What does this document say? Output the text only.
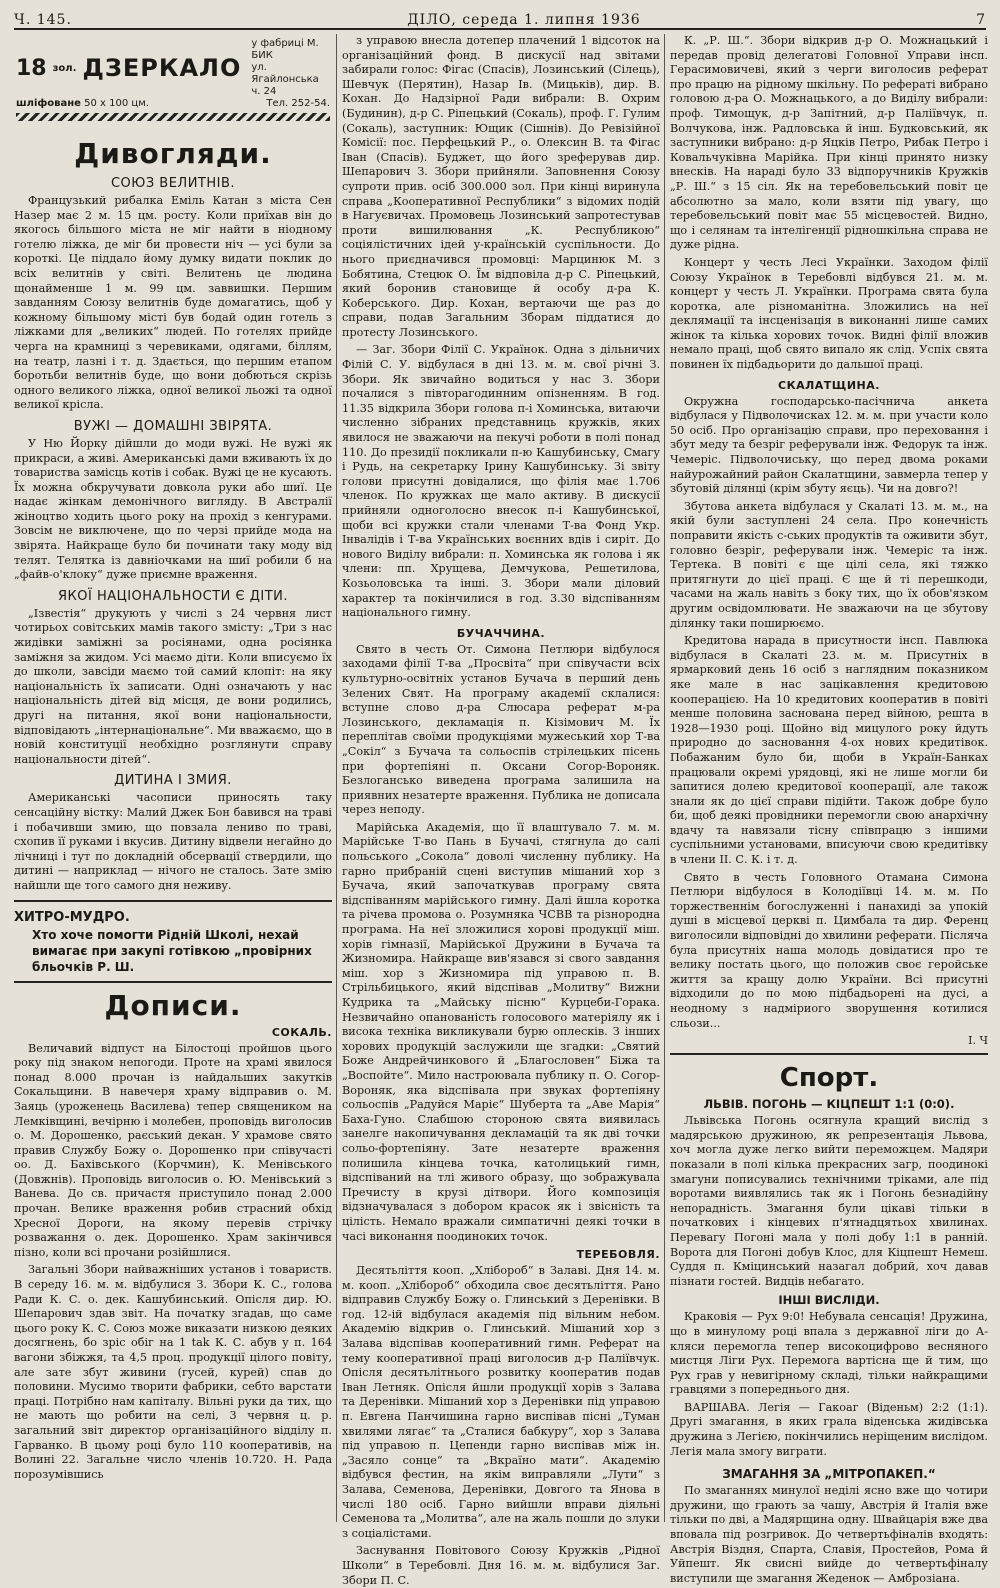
Ч. 145.	ДІЛО, середа 1. липня 1936	7
18 зол. ДЗЕРКАЛО
у фабриці М. БИК
ул. Ягайлонська ч. 24
шліфоване 50 x 100 цм.	Тел. 252-54.
Дивогляди.
СОЮЗ ВЕЛИТНІВ.

Французький рибалка Еміль Катан з міста Сен Назер має 2 м. 15 цм. росту. Коли приїхав він до якогось більшого міста не міг найти в ніодному готелю ліжка, де міг би провести ніч — усі були за короткі. Це піддало йому думку видати поклик до всіх велитнів у світі. Велитень це людина щонайменше 1 м. 99 цм. заввишки. Першим завданням Союзу велитнів буде домагатись, щоб у кожному більшому місті був бодай один готель з ліжками для „великих“ людей. По готелях прийде черга на крамниці з черевиками, одягами, біллям, на театр, лазні і т. д. Здається, що першим етапом боротьби велитнів буде, що вони добються скрізь одного великого ліжка, одної великої льожі та одної великої крісла.

ВУЖІ — ДОМАШНІ ЗВІРЯТА.

У Ню Йорку дійшли до моди вужі. Не вужі як прикраси, а живі. Американські дами вживають їх до товариства замісць котів і собак. Вужі це не кусають. Їх можна обкручувати довкола руки або шиї. Це надає жінкам демонічного вигляду. В Австралії жіноцтво ходить цього року на прохід з кенгурами. Зовсім не виключене, що по черзі прийде мода на звірята. Найкраще було би починати таку моду від телят. Телятка із давніочками на шиї робили б на „файв-о'клоку“ дуже приємне враження.

ЯКОЇ НАЦІОНАЛЬНОСТИ Є ДІТИ.

„Ізвестія“ друкують у числі з 24 червня лист чотирьох совітських мамів такого змісту: „Три з нас жидівки заміжні за росіянами, одна росіянка заміжня за жидом. Усі маємо діти. Коли вписуємо їх до школи, завсіди маємо той самий клопіт: на яку національність їх записати. Одні означають у нас національність дітей від місця, де вони родились, другі на питання, якої вони національности, відповідають „інтернаціональне“. Ми вважаємо, що в новій конституції необхідно розглянути справу національности дітей“.

ДИТИНА І ЗМИЯ.

Американські часописи приносять таку сенсаційну вістку: Малий Джек Бон бавився на траві і побачивши змию, що повзала лениво по траві, схопив її руками і вкусив. Дитину відвели негайно до лічниці і тут по докладній обсервації ствердили, що дитині — наприклад — нічого не сталось. Зате змію найшли ще того самого дня неживу.

ХИТРО-МУДРО.
Хто хоче помогти Рідній Школі, нехай вимагає при закупі готівкою „провірних бльочків Р. Ш.
Дописи.
СОКАЛЬ.

Величавий відпуст на Білостоці пройшов цього року під знаком непогоди. Проте на храмі явилося понад 8.000 прочан із найдальших закутків Сокальщини. В навечеря храму відправив о. М. Заяць (уроженець Василева) тепер священиком на Лемківщині, вечірню і молебен, проповідь виголосив о. М. Дорошенко, раєський декан. У храмове свято правив Службу Божу о. Дорошенко при співучасті оо. Д. Бахівського (Корчмин), К. Менівського (Довжнів). Проповідь виголосив о. Ю. Менівський з Ванева. До св. причастя приступило понад 2.000 прочан. Велике враження робив страсний обхід Хресної Дороги, на якому перевів стрічку розважання о. дек. Дорошенко. Храм закінчився пізно, коли всі прочани розійшлися.

Загальні Збори найважніших установ і товариств. В середу 16. м. м. відбулися З. Збори К. С., голова Ради К. С. о. дек. Кашубинський. Опісля дир. Ю. Шепарович здав звіт. На початку згадав, що саме цього року К. С. Союз може виказати низкою деяких досягнень, бо зріс обіг на 1 tak К. С. абув у п. 164 вагони збіжжя, та 4,5 проц. продукції цілого повіту, але зате збут живини (гусей, курей) спав до половини. Мусимо творити фабрики, себто варстати праці. Потрібно нам капіталу. Вільні руки да тих, що не мають що робити на селі, 3 червня ц. р. загальний звіт директор організаційного відділу п. Гарванко. В цьому році було 110 кооперативів, на Волині 22. Загальне число членів 10.720. Н. Рада порозумівшись

з управою внесла дотепер плачений 1 відсоток на організаційний фонд. В дискусії над звітами забирали голос: Фігас (Спасів), Лозинський (Сілець), Шевчук (Перятин), Назар Ів. (Мицьків), дир. В. Кохан. До Надзірної Ради вибрали: В. Охрим (Будинин), д-р С. Ріпецький (Сокаль), проф. Г. Гулим (Сокаль), заступник: Ющик (Сішнів). До Ревізійної Комісії: пос. Перфецький Р., о. Олексин В. та Фігас Іван (Спасів). Буджет, що його зреферував дир. Шепарович З. Збори прийняли. Заповнення Союзу супроти прив. осіб 300.000 зол. При кінці виринула справа „Кооперативної Республики“ з відомих подій в Нагуєвичах. Промовець Лозинський запротестував проти вишилювання „К. Республикою“ соціялістичних ідей у-країнській суспільности. До нього приєдначився промовці: Марцинюк М. з Бобятина, Стецюк О. Їм відповіла д-р С. Ріпецький, який боронив становище й особу д-ра К. Коберського. Дир. Кохан, вертаючи ще раз до справи, подав Загальним Зборам піддатися до протесту Лозинського.

— Заг. Збори Філії С. Українок. Одна з дільничих Філій С. У. відбулася в дні 13. м. м. свої річні З. Збори. Як звичайно водиться у нас З. Збори почалися з півторагодинним опізненням. В год. 11.35 відкрила Збори голова п-і Хоминська, витаючи численно зібраних представниць кружків, яких явилося не зважаючи на пекучі роботи в полі понад 110. До президії покликали п-ю Кашубинську, Смагу і Рудь, на секретарку Ірину Кашубинську. Зі звіту голови присутні довідалися, що філія має 1.706 членок. По кружках ще мало активу. В дискусії прийняли одноголосно внесок п-і Кашубинської, щоби всі кружки стали членами Т-ва Фонд Укр. Інвалідів і Т-ва Українських воєнних вдів і сиріт. До нового Виділу вибрали: п. Хоминська як голова і як члени: пп. Хрущева, Демчукова, Решетилова, Козьоловська та інші. З. Збори мали діловий характер та покінчилися в год. 3.30 відспіванням національного гимну.

БУЧАЧЧИНА.

Свято в честь От. Симона Петлюри відбулося заходами філії Т-ва „Просвіта“ при співучасти всіх культурно-освітніх установ Бучача в перший день Зелених Свят. На програму академії склалися: вступне слово д-ра Слюсара реферат м-ра Лозинського, декламація п. Кізімович М. Їх переплітав своїми продукціями мужеський хор Т-ва „Сокіл“ з Бучача та сольоспів стрілецьких пісень при фортепіяні п. Оксани Согор-Вороняк. Безлогансько виведена програма залишила на приявних незатерте враження. Публика не дописала через неподу.

Марійська Академія, що її влаштувало 7. м. м. Марійське Т-во Пань в Бучачі, стягнула до салі польського „Сокола“ доволі численну публику. На гарно прибраній сцені виступив мішаний хор з Бучача, який започаткував програму свята відспіванням марійського гимну. Далі йшла коротка та річева промова о. Розумняка ЧСВВ та різнородна програма. На неї зложилися хорові продукції міш. хорів гімназії, Марійської Дружини в Бучача та Жизномира. Найкраще вив'язався зі свого завдання міш. хор з Жизномира під управою п. В. Стрільбицького, який відспівав „Молитву“ Вижни Кудрика та „Майську пісню“ Курцеби-Горака. Незвичайно опанованість голосового матеріялу як і висока техніка викликували бурю оплесків. З інших хорових продукцій заслужили ще згадки: „Святий Боже Андрейчинкового й „Благословен“ Біжа та „Воспойте“. Мило настроювала публику п. О. Согор-Вороняк, яка відспівала при звуках фортепіяну сольоспів „Радуйся Маріє“ Шуберта та „Аве Марія“ Баха-Гуно. Слабшою стороною свята виявилась занелге накопичування декламацій та як дві точки сольо-фортепіяну. Зате незатерте враження полишила кінцева точка, католицький гимн, відспіваний на тлі живого образу, що зображувала Пречисту в крузі дітвори. Його композиція відзначувалася з добором красок як і звісність та цілість. Немало вражали симпатичні деякі точки в часі виконання поодиноких точок.

ТЕРЕБОВЛЯ.

Десятьліття кооп. „Хлібороб“ в Залаві. Дня 14. м. м. кооп. „Хлібороб“ обходила своє десятьліття. Рано відправив Службу Божу о. Глинський з Деренівки. В год. 12-ій відбулася академія під вільним небом. Академію відкрив о. Глинський. Мішаний хор з Залава відспівав кооперативний гимн. Реферат на тему кооперативної праці виголосив д-р Паліївчук. Опісля десятьлітнього розвитку кооператив подав Іван Летняк. Опісля йшли продукції хорів з Залава та Деренівки. Мішаний хор з Деренівки під управою п. Евгена Панчишина гарно виспівав пісні „Туман хвилями лягає“ та „Сталися бабкуру“, хор з Залава під управою п. Цепенди гарно виспівав між ін. „Засяло сонце“ та „Вкраїно мати“. Академію відбувся фестин, на якім виправляли „Лути“ з Залава, Семенова, Деренівки, Довгого та Янова в числі 180 осіб. Гарно вийшли вправи діяльні Семенова та „Молитва“, але на жаль пошли до злуки з соціалістами.

Заснування Повітового Союзу Кружків „Рідної Школи“ в Теребовлі. Дня 16. м. м. відбулися Заг. Збори П. С.

К. „Р. Ш.“. Збори відкрив д-р О. Можнацький і передав провід делегатові Головної Управи інсп. Герасимовичеві, який з черги виголосив реферат про працю на рідному шкільну. По рефераті вибрано головою д-ра О. Можнацького, а до Виділу вибрали: проф. Тимощук, д-р Запітний, д-р Паліївчук, п. Волчукова, інж. Радловська й інш. Будковський, як заступники вибрано: д-р Яцків Петро, Рибак Петро і Ковальчуківна Марійка. При кінці принято низку внесків. На нараді було 33 відпоручників Кружків „Р. Ш.“ з 15 сіл. Як на теребовельський повіт це абсолютно за мало, коли взяти під увагу, що теребовельський повіт має 55 місцевостей. Видно, що і селянам та інтелігенції рідношкільна справа не дуже рідна.

Концерт у честь Лесі Українки. Заходом філії Союзу Українок в Теребовлі відбувся 21. м. м. концерт у честь Л. Українки. Програма свята була коротка, але різноманітна. Зложились на неї деклямації та інсценізація в виконанні лише самих жінок та кілька хорових точок. Видні філії вложив немало праці, щоб свято випало як слід. Успіх свята повинен їх підбадьорити до дальшої праці.

СКАЛАТЩИНА.

Окружна господарсько-пасічнича анкета відбулася у Підволочисках 12. м. м. при участи коло 50 осіб. Про організацію справи, про переховання і збут меду та безріг реферували інж. Федорук та інж. Чемеріс. Підволочиську, що перед двома роками найурожайний район Скалатщини, завмерла тепер у збутовій ділянці (крім збуту яєць). Чи на довго?!

Збутова анкета відбулася у Скалаті 13. м. м., на якій були заступлені 24 села. Про конечність поправити якість с-ських продуктів та оживити збут, головно безріг, реферували інж. Чемеріс та інж. Тертека. В повіті є ще цілі села, які тяжко притягнути до цієї праці. Є ще й ті перешкоди, часами на жаль навіть з боку тих, що їх обов'язком другим освідомлювати. Не зважаючи на це збутову ділянку таки поширюємо.

Кредитова нарада в присутности інсп. Павлюка відбулася в Скалаті 23. м. м. Присутніх в ярмарковий день 16 осіб з наглядним показником яке мале в нас зацікавлення кредитовою кооперацією. На 10 кредитових кооператив в повіті менше половина заснована перед війною, решта в 1928—1930 році. Щойно від мицулого року йдуть природно до засновання 4-ох нових кредитівок. Побажаним було би, щоби в Україн-Банках працювали окремі урядовці, які не лише могли би запитися долею кредитової кооперації, але також знали як до цієї справи підійти. Також добре було би, щоб деякі провідники перемогли свою анархічну вдачу та навязали тісну співпрацю з іншими суспільними установами, вписуючи свою кредитівку в члени ІІ. С. К. і т. д.

Свято в честь Головного Отамана Симона Петлюри відбулося в Колодіївці 14. м. м. По торжественнім богослуженні і панахиді за упокій душі в місцевої церкві п. Цимбала та дир. Ференц виголосили відповідні до хвилини реферати. Післяча була присутніх наша молодь довідатися про те велику постать цього, що положив своє геройське життя за кращу долю України. Всі присутні відходили до по мою підбадьорені на дусі, а неодному з надміриого зворушення котилися сльози...

І. Ч
Спорт.
ЛЬВІВ. ПОГОНЬ — КІЦПЕШТ 1:1 (0:0).

Львівська Погонь осягнула кращий вислід з мадярською дружиною, як репрезентація Львова, хоч могла дуже легко вийти переможцем. Мадяри показали в полі кілька прекрасних загр, поодинокі змагуни пописувались технічними тріками, але під воротами виявлялись так як і Погонь безнадійну непорадність. Змагання були цікаві тільки в початкових і кінцевих п'ятнадцятьох хвилинах. Перевагу Погоні мала у полі добу 1:1 в ранній. Ворота для Погоні добув Клос, для Кіцпешт Немеш. Суддя п. Кміцинський назагал добрий, хоч давав пізнати гостей. Видців небагато.

ІНШІ ВИСЛІДИ.

Краковія — Рух 9:0! Небувала сенсація! Дружина, що в минулому році впала з державної ліги до А-кляси перемогла тепер високоцифрово весняного мистця Ліги Рух. Перемога вартісна ще й тим, що Рух грав у невигірному складі, тільки найкращими гравцями з попереднього дня.

ВАРШАВА. Легія — Гакоаг (Віденьм) 2:2 (1:1). Другі змагання, в яких грала віденська жидівська дружина з Легією, покінчились неріщеним вислідом. Легія мала змогу виграти.

ЗМАГАННЯ ЗА „МІТРОПАКЕП.“

По змаганнях минулої неділі ясно вже що чотири дружини, що грають за чашу, Австрія й Італія вже тільки по дві, а Мадярщина одну. Швайцарія вже два вповала під розгривок. До четвертьфіналів входять: Австрія Віздня, Спарта, Славія, Простейов, Рома й Уйпешт. Як свисні вийде до четвертьфіналу виступили ще змагання Жеденок — Амброзіана.
